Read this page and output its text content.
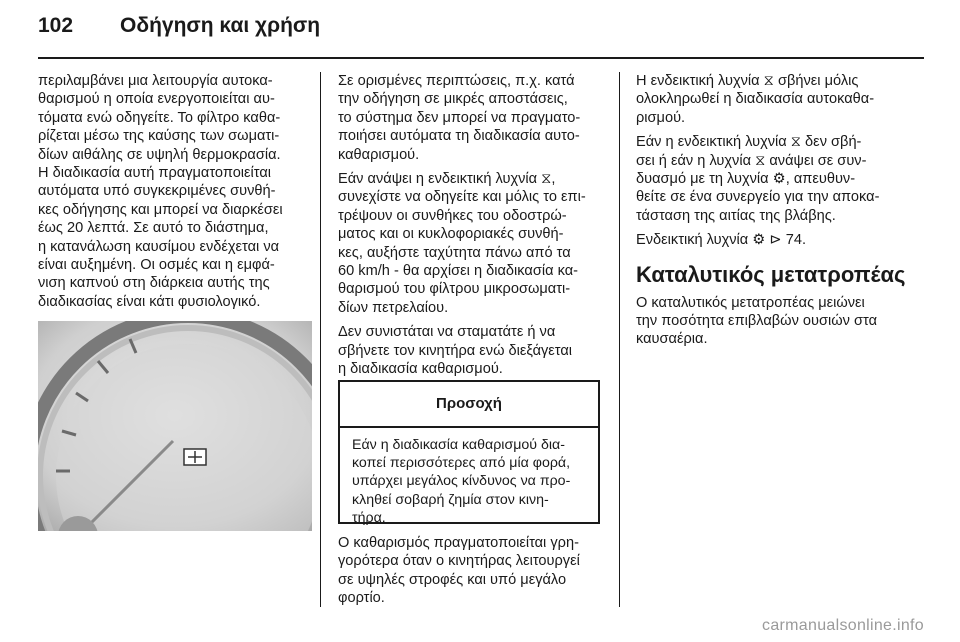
102 Οδήγηση και χρήση

περιλαμβάνει μια λειτουργία αυτοκα-
θαρισμού η οποία ενεργοποιείται αυ-
τόματα ενώ οδηγείτε. Το φίλτρο καθα-
ρίζεται μέσω της καύσης των σωματι-
δίων αιθάλης σε υψηλή θερμοκρασία.
Η διαδικασία αυτή πραγματοποιείται
αυτόματα υπό συγκεκριμένες συνθή-
κες οδήγησης και μπορεί να διαρκέσει
έως 20 λεπτά. Σε αυτό το διάστημα,
η κατανάλωση καυσίμου ενδέχεται να
είναι αυξημένη. Οι οσμές και η εμφά-
νιση καπνού στη διάρκεια αυτής της
διαδικασίας είναι κάτι φυσιολογικό.

Σε ορισμένες περιπτώσεις, π.χ. κατά
την οδήγηση σε μικρές αποστάσεις,
το σύστημα δεν μπορεί να πραγματο-
ποιήσει αυτόματα τη διαδικασία αυτο-
καθαρισμού.

Εάν ανάψει η ενδεικτική λυχνία ⧖,
συνεχίστε να οδηγείτε και μόλις το επι-
τρέψουν οι συνθήκες του οδοστρώ-
ματος και οι κυκλοφοριακές συνθή-
κες, αυξήστε ταχύτητα πάνω από τα
60 km/h - θα αρχίσει η διαδικασία κα-
θαρισμού του φίλτρου μικροσωματι-
δίων πετρελαίου.

Δεν συνιστάται να σταματάτε ή να
σβήνετε τον κινητήρα ενώ διεξάγεται
η διαδικασία καθαρισμού.

Προσοχή
Εάν η διαδικασία καθαρισμού δια-
κοπεί περισσότερες από μία φορά,
υπάρχει μεγάλος κίνδυνος να προ-
κληθεί σοβαρή ζημία στον κινη-
τήρα.
Ο καθαρισμός πραγματοποιείται γρη-
γορότερα όταν ο κινητήρας λειτουργεί
σε υψηλές στροφές και υπό μεγάλο
φορτίο.

Η ενδεικτική λυχνία ⧖ σβήνει μόλις
ολοκληρωθεί η διαδικασία αυτοκαθα-
ρισμού.

Εάν η ενδεικτική λυχνία ⧖ δεν σβή-
σει ή εάν η λυχνία ⧖ ανάψει σε συν-
δυασμό με τη λυχνία ⚙, απευθυν-
θείτε σε ένα συνεργείο για την αποκα-
τάσταση της αιτίας της βλάβης.

Ενδεικτική λυχνία ⚙ ⊳ 74.

Καταλυτικός μετατροπέας

Ο καταλυτικός μετατροπέας μειώνει
την ποσότητα επιβλαβών ουσιών στα
καυσαέρια.

carmanualsonline.info
